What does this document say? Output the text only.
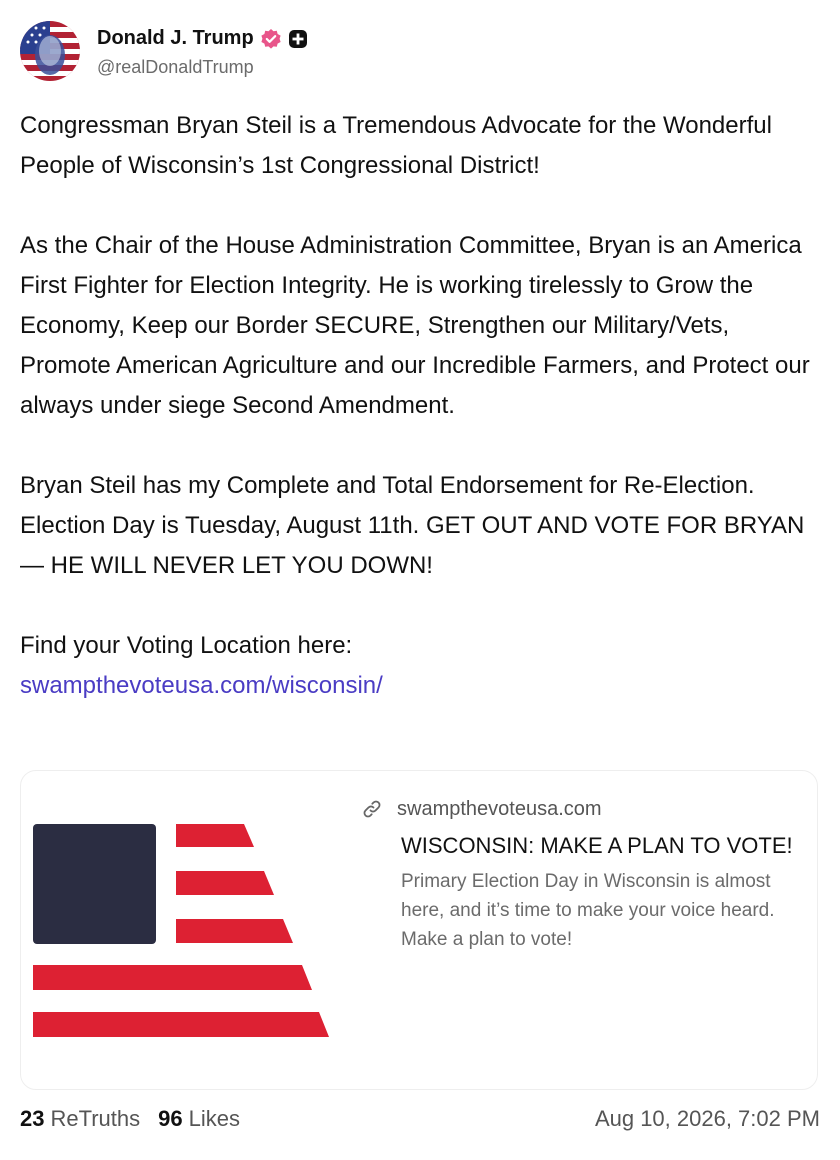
Donald J. Trump
@realDonaldTrump

Congressman Bryan Steil is a Tremendous Advocate for the Wonderful People of Wisconsin’s 1st Congressional District!

As the Chair of the House Administration Committee, Bryan is an America First Fighter for Election Integrity. He is working tirelessly to Grow the Economy, Keep our Border SECURE, Strengthen our Military/Vets, Promote American Agriculture and our Incredible Farmers, and Protect our always under siege Second Amendment.

Bryan Steil has my Complete and Total Endorsement for Re-Election. Election Day is Tuesday, August 11th. GET OUT AND VOTE FOR BRYAN — HE WILL NEVER LET YOU DOWN!

Find your Voting Location here:
swampthevoteusa.com/wisconsin/

swampthevoteusa.com
WISCONSIN: MAKE A PLAN TO VOTE!
Primary Election Day in Wisconsin is almost here, and it’s time to make your voice heard. Make a plan to vote!
23 ReTruths 96 Likes	Aug 10, 2026, 7:02 PM
